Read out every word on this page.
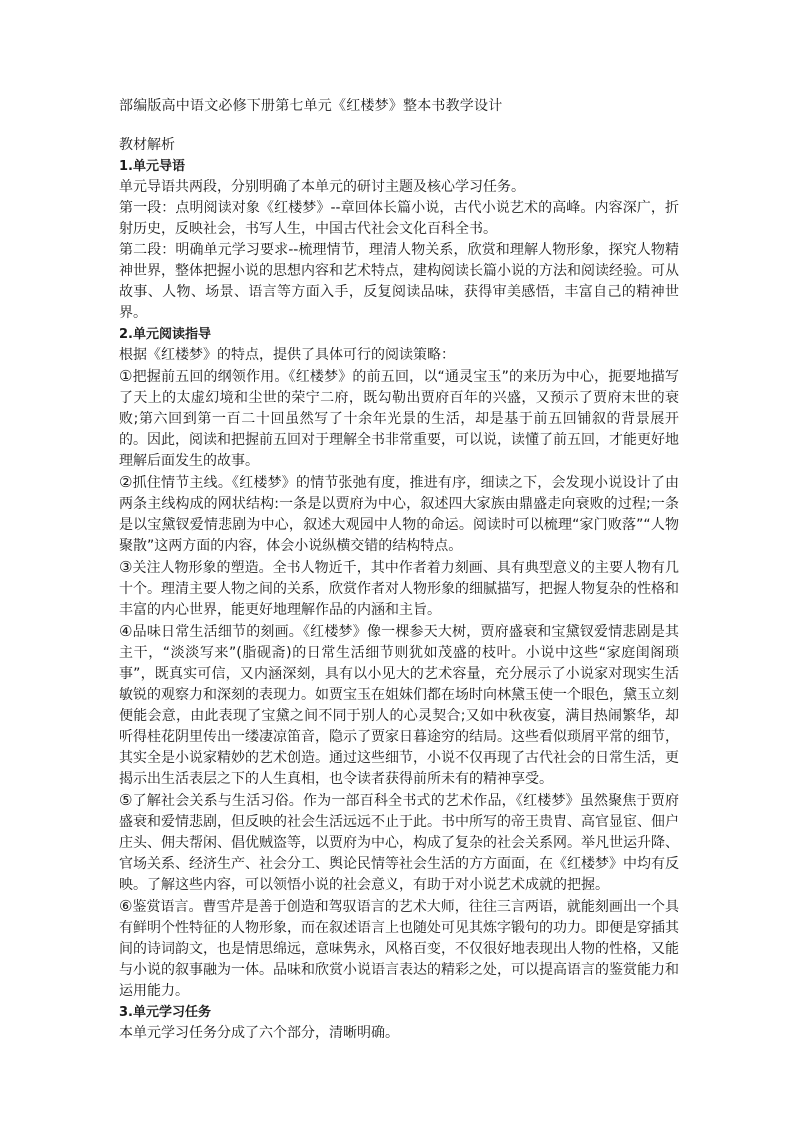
部编版高中语文必修下册第七单元《红楼梦》整本书教学设计

教材解析

1.单元导语

单元导语共两段，分别明确了本单元的研讨主题及核心学习任务。

第一段：点明阅读对象《红楼梦》--章回体长篇小说，古代小说艺术的高峰。内容深广，折射历史，反映社会，书写人生，中国古代社会文化百科全书。

第二段：明确单元学习要求--梳理情节，理清人物关系，欣赏和理解人物形象，探究人物精神世界，整体把握小说的思想内容和艺术特点，建构阅读长篇小说的方法和阅读经验。可从故事、人物、场景、语言等方面入手，反复阅读品味，获得审美感悟，丰富自己的精神世界。

2.单元阅读指导

根据《红楼梦》的特点，提供了具体可行的阅读策略：

①把握前五回的纲领作用。《红楼梦》的前五回，以“通灵宝玉”的来历为中心，扼要地描写了天上的太虚幻境和尘世的荣宁二府，既勾勒出贾府百年的兴盛，又预示了贾府末世的衰败;第六回到第一百二十回虽然写了十余年光景的生活，却是基于前五回铺叙的背景展开的。因此，阅读和把握前五回对于理解全书非常重要，可以说，读懂了前五回，才能更好地理解后面发生的故事。

②抓住情节主线。《红楼梦》的情节张弛有度，推进有序，细读之下，会发现小说设计了由两条主线构成的网状结构:一条是以贾府为中心，叙述四大家族由鼎盛走向衰败的过程;一条是以宝黛钗爱情悲剧为中心，叙述大观园中人物的命运。阅读时可以梳理“家门败落”“人物聚散”这两方面的内容，体会小说纵横交错的结构特点。

③关注人物形象的塑造。全书人物近千，其中作者着力刻画、具有典型意义的主要人物有几十个。理清主要人物之间的关系，欣赏作者对人物形象的细腻描写，把握人物复杂的性格和丰富的内心世界，能更好地理解作品的内涵和主旨。

④品味日常生活细节的刻画。《红楼梦》像一棵参天大树，贾府盛衰和宝黛钗爱情悲剧是其主干，“淡淡写来”(脂砚斋)的日常生活细节则犹如茂盛的枝叶。小说中这些“家庭闺阁琐事”，既真实可信，又内涵深刻，具有以小见大的艺术容量，充分展示了小说家对现实生活敏锐的观察力和深刻的表现力。如贾宝玉在姐妹们都在场时向林黛玉使一个眼色，黛玉立刻便能会意，由此表现了宝黛之间不同于别人的心灵契合;又如中秋夜宴，满目热闹繁华，却听得桂花阴里传出一缕凄凉笛音，隐示了贾家日暮途穷的结局。这些看似琐屑平常的细节，其实全是小说家精妙的艺术创造。通过这些细节，小说不仅再现了古代社会的日常生活，更揭示出生活表层之下的人生真相，也令读者获得前所未有的精神享受。

⑤了解社会关系与生活习俗。作为一部百科全书式的艺术作品，《红楼梦》虽然聚焦于贾府盛衰和爱情悲剧，但反映的社会生活远远不止于此。书中所写的帝王贵胄、高官显宦、佃户庄头、佣夫帮闲、倡优贼盗等，以贾府为中心，构成了复杂的社会关系网。举凡世运升降、官场关系、经济生产、社会分工、舆论民情等社会生活的方方面面，在《红楼梦》中均有反映。了解这些内容，可以领悟小说的社会意义，有助于对小说艺术成就的把握。

⑥鉴赏语言。曹雪芹是善于创造和驾驭语言的艺术大师，往往三言两语，就能刻画出一个具有鲜明个性特征的人物形象，而在叙述语言上也随处可见其炼字锻句的功力。即便是穿插其间的诗词韵文，也是情思绵远，意味隽永，风格百变，不仅很好地表现出人物的性格，又能与小说的叙事融为一体。品味和欣赏小说语言表达的精彩之处，可以提高语言的鉴赏能力和运用能力。

3.单元学习任务

本单元学习任务分成了六个部分，清晰明确。
